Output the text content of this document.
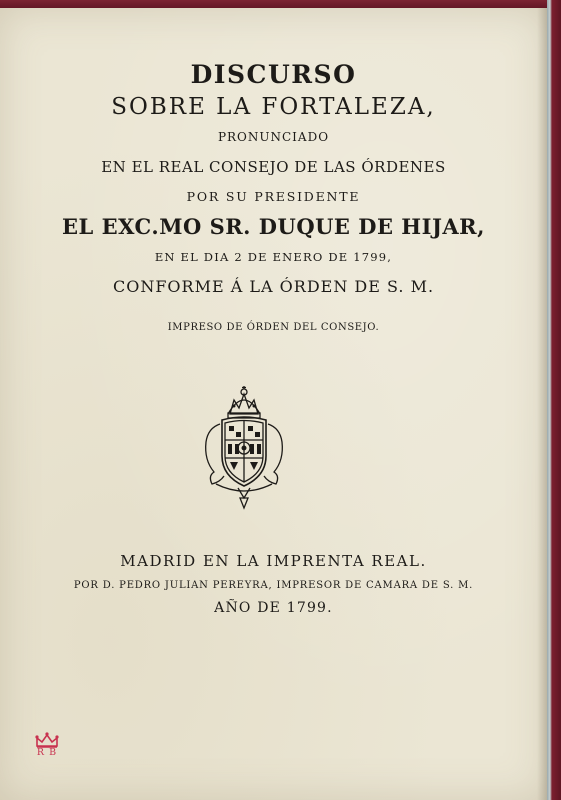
DISCURSO
SOBRE LA FORTALEZA,
PRONUNCIADO
EN EL REAL CONSEJO DE LAS ÓRDENES
POR SU PRESIDENTE
EL EXC.MO SR. DUQUE DE HIJAR,
EN EL DIA 2 DE ENERO DE 1799,
CONFORME Á LA ÓRDEN DE S. M.
IMPRESO DE ÓRDEN DEL CONSEJO.
MADRID EN LA IMPRENTA REAL.
POR D. PEDRO JULIAN PEREYRA, IMPRESOR DE CAMARA DE S. M.
AÑO DE 1799.
R B
